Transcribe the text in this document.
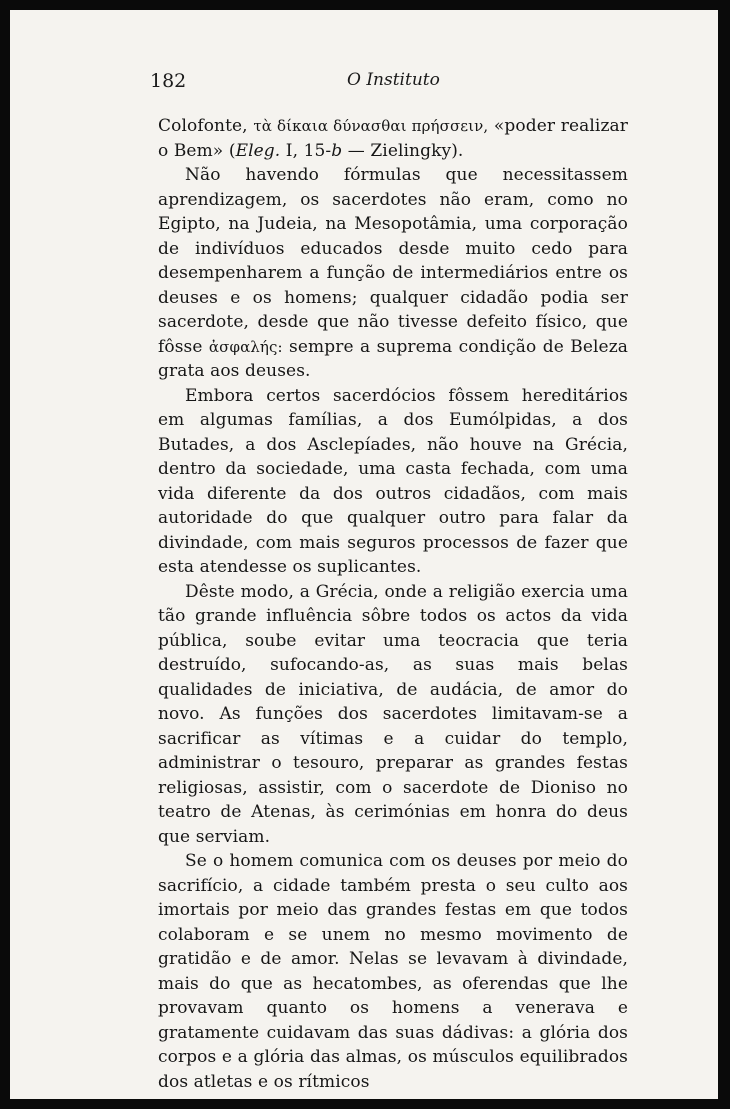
182	O Instituto

Colofonte, τὰ δίκαια δύνασθαι πρήσσειν, «poder realizar o Bem» (Eleg. I, 15-b — Zielingky).

Não havendo fórmulas que necessitassem aprendizagem, os sacerdotes não eram, como no Egipto, na Judeia, na Mesopotâmia, uma corporação de indivíduos educados desde muito cedo para desempenharem a função de intermediários entre os deuses e os homens; qualquer cidadão podia ser sacerdote, desde que não tivesse defeito físico, que fôsse ἀσφαλής: sempre a suprema condição de Beleza grata aos deuses.

Embora certos sacerdócios fôssem hereditários em algumas famílias, a dos Eumólpidas, a dos Butades, a dos Asclepíades, não houve na Grécia, dentro da sociedade, uma casta fechada, com uma vida diferente da dos outros cidadãos, com mais autoridade do que qualquer outro para falar da divindade, com mais seguros processos de fazer que esta atendesse os suplicantes.

Dêste modo, a Grécia, onde a religião exercia uma tão grande influência sôbre todos os actos da vida pública, soube evitar uma teocracia que teria destruído, sufocando-as, as suas mais belas qualidades de iniciativa, de audácia, de amor do novo. As funções dos sacerdotes limitavam-se a sacrificar as vítimas e a cuidar do templo, administrar o tesouro, preparar as grandes festas religiosas, assistir, com o sacerdote de Dioniso no teatro de Atenas, às cerimónias em honra do deus que serviam.

Se o homem comunica com os deuses por meio do sacrifício, a cidade também presta o seu culto aos imortais por meio das grandes festas em que todos colaboram e se unem no mesmo movimento de gratidão e de amor. Nelas se levavam à divindade, mais do que as hecatombes, as oferendas que lhe provavam quanto os homens a venerava e gratamente cuidavam das suas dádivas: a glória dos corpos e a glória das almas, os músculos equilibrados dos atletas e os rítmicos
